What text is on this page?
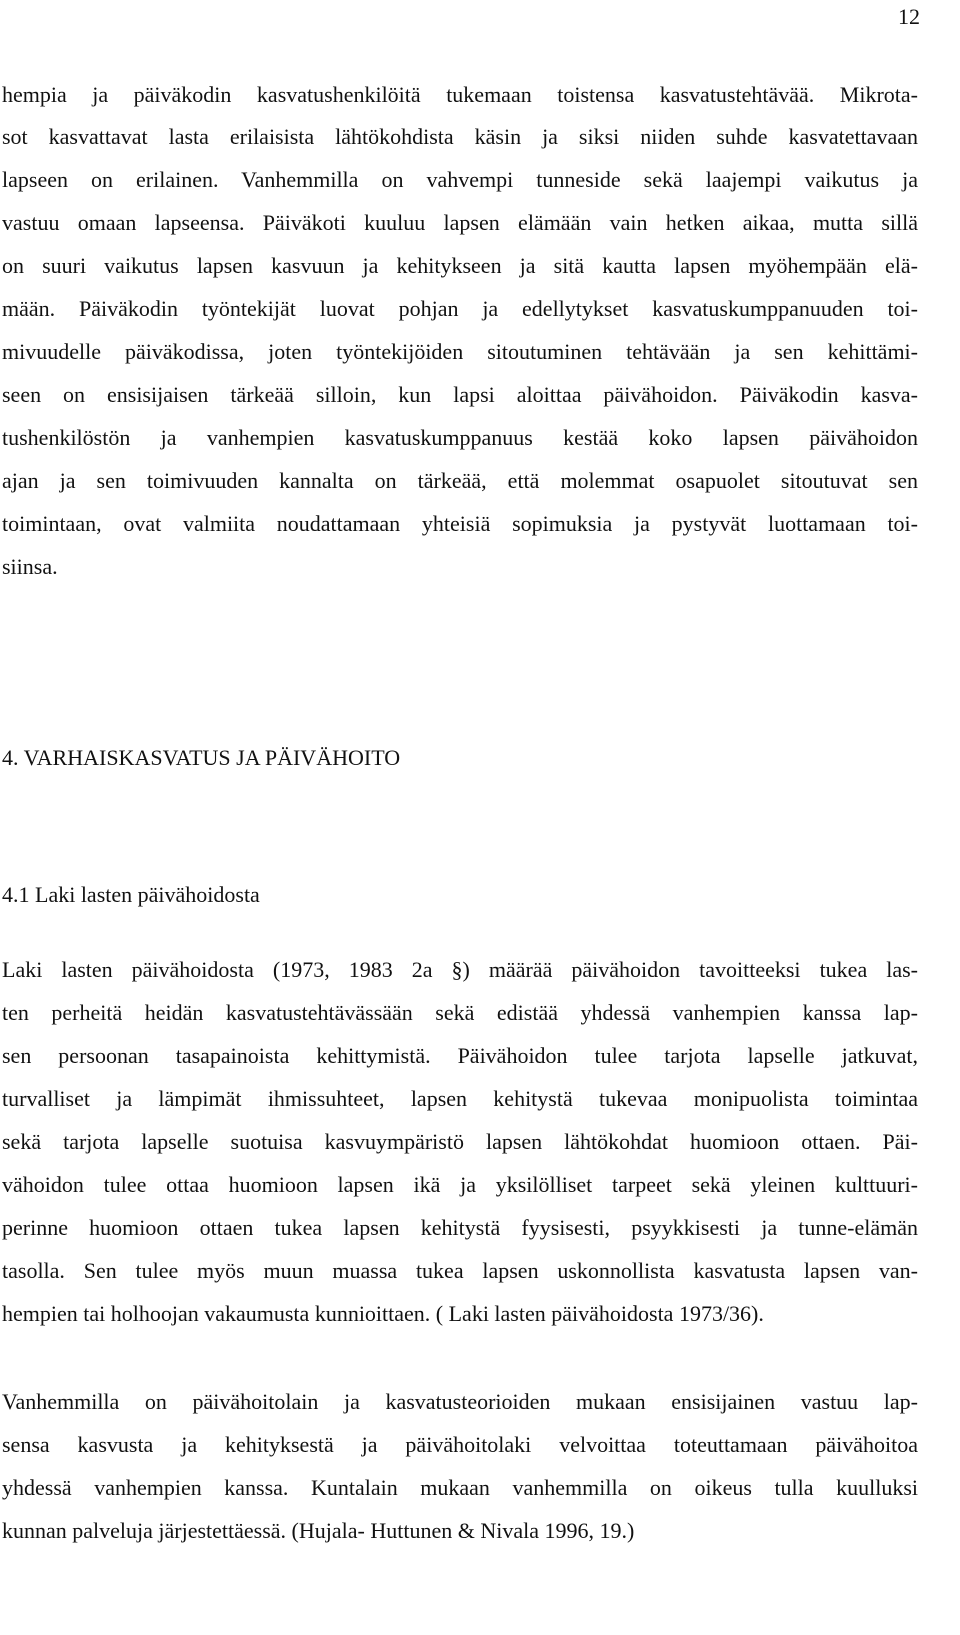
12
hempia ja päiväkodin kasvatushenkilöitä tukemaan toistensa kasvatustehtävää. Mikrota-
sot kasvattavat lasta erilaisista lähtökohdista käsin ja siksi niiden suhde kasvatettavaan
lapseen on erilainen. Vanhemmilla on vahvempi tunneside sekä laajempi vaikutus ja
vastuu omaan lapseensa. Päiväkoti kuuluu lapsen elämään vain hetken aikaa, mutta sillä
on suuri vaikutus lapsen kasvuun ja kehitykseen ja sitä kautta lapsen myöhempään elä-
mään. Päiväkodin työntekijät luovat pohjan ja edellytykset kasvatuskumppanuuden toi-
mivuudelle päiväkodissa, joten työntekijöiden sitoutuminen tehtävään ja sen kehittämi-
seen on ensisijaisen tärkeää silloin, kun lapsi aloittaa päivähoidon. Päiväkodin kasva-
tushenkilöstön ja vanhempien kasvatuskumppanuus kestää koko lapsen päivähoidon
ajan ja sen toimivuuden kannalta on tärkeää, että molemmat osapuolet sitoutuvat sen
toimintaan, ovat valmiita noudattamaan yhteisiä sopimuksia ja pystyvät luottamaan toi-
siinsa.
4. VARHAISKASVATUS JA PÄIVÄHOITO
4.1 Laki lasten päivähoidosta
Laki lasten päivähoidosta (1973, 1983 2a §) määrää päivähoidon tavoitteeksi tukea las-
ten perheitä heidän kasvatustehtävässään sekä edistää yhdessä vanhempien kanssa lap-
sen persoonan tasapainoista kehittymistä. Päivähoidon tulee tarjota lapselle jatkuvat,
turvalliset ja lämpimät ihmissuhteet, lapsen kehitystä tukevaa monipuolista toimintaa
sekä tarjota lapselle suotuisa kasvuympäristö lapsen lähtökohdat huomioon ottaen. Päi-
vähoidon tulee ottaa huomioon lapsen ikä ja yksilölliset tarpeet sekä yleinen kulttuuri-
perinne huomioon ottaen tukea lapsen kehitystä fyysisesti, psyykkisesti ja tunne-elämän
tasolla. Sen tulee myös muun muassa tukea lapsen uskonnollista kasvatusta lapsen van-
hempien tai holhoojan vakaumusta kunnioittaen. ( Laki lasten päivähoidosta 1973/36).
Vanhemmilla on päivähoitolain ja kasvatusteorioiden mukaan ensisijainen vastuu lap-
sensa kasvusta ja kehityksestä ja päivähoitolaki velvoittaa toteuttamaan päivähoitoa
yhdessä vanhempien kanssa. Kuntalain mukaan vanhemmilla on oikeus tulla kuulluksi
kunnan palveluja järjestettäessä. (Hujala- Huttunen & Nivala 1996, 19.)
